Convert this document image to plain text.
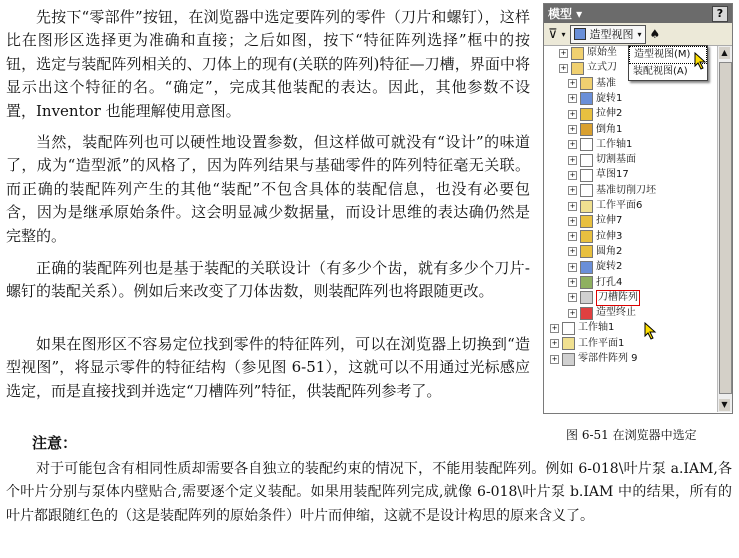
先按下“零部件”按钮，在浏览器中选定要阵列的零件（刀片和螺钉），这样比在图形区选择更为准确和直接；之后如图，按下“特征阵列选择”框中的按钮，选定与装配阵列相关的、刀体上的现有(关联的阵列)特征—刀槽，界面中将显示出这个特征的名。“确定”，完成其他装配的表达。因此，其他参数不设置，Inventor 也能理解使用意图。

当然，装配阵列也可以硬性地设置参数，但这样做可就没有“设计”的味道了，成为“造型派”的风格了，因为阵列结果与基础零件的阵列特征毫无关联。而正确的装配阵列产生的其他“装配”不包含具体的装配信息，也没有必要包含，因为是继承原始条件。这会明显减少数据量，而设计思维的表达确仍然是完整的。

正确的装配阵列也是基于装配的关联设计（有多少个齿，就有多少个刀片-螺钉的装配关系）。例如后来改变了刀体齿数，则装配阵列也将跟随更改。

如果在图形区不容易定位找到零件的特征阵列，可以在浏览器上切换到“造型视图”，将显示零件的特征结构（参见图 6-51），这就可以不用通过光标感应选定，而是直接找到并选定“刀槽阵列”特征，供装配阵列参考了。

注意：

对于可能包含有相同性质却需要各自独立的装配约束的情况下，不能用装配阵列。例如 6-018\叶片泵 a.IAM,各个叶片分别与泵体内壁贴合,需要逐个定义装配。如果用装配阵列完成,就像 6-018\叶片泵 b.IAM 中的结果，所有的叶片都跟随红色的（这是装配阵列的原始条件）叶片而伸缩，这就不是设计构思的原来含义了。

模型 ▾	?
⊽ ▾ 造型视图 ▾ ♠
造型视图(M)
装配视图(A)
+ 原始坐
+ 立式刀
+ 基准
+ 旋转1
+ 拉伸2
+ 倒角1
+ 工作轴1
+ 切割基面
+ 草图17
+ 基准切削刀坯
+ 工作平面6
+ 拉伸7
+ 拉伸3
+ 圆角2
+ 旋转2
+ 打孔4
+ 刀槽阵列
+ 造型终止
+ 工作轴1
+ 工作平面1
+ 零部件阵列 9
▲
▼
图 6-51 在浏览器中选定
